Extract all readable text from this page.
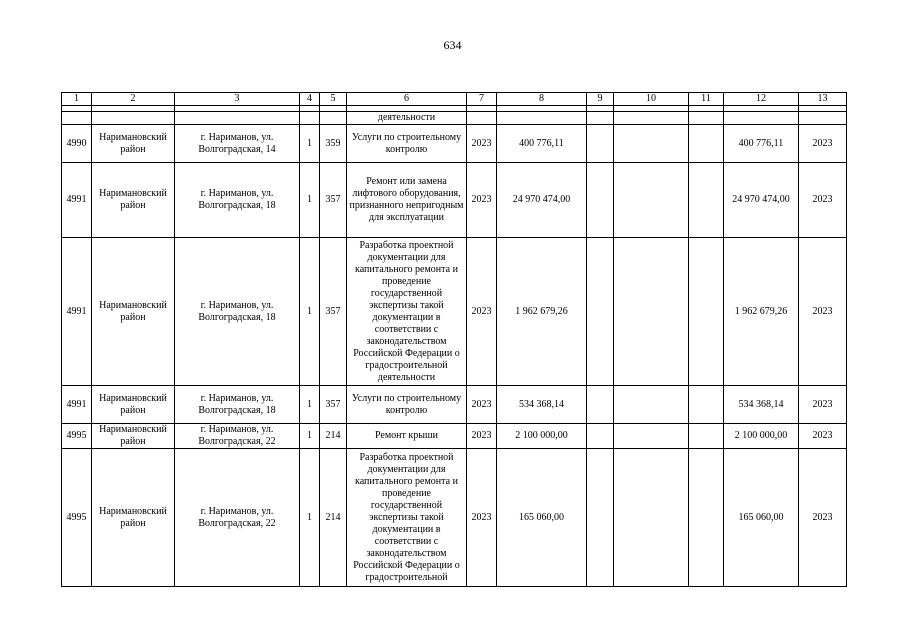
634
1	2	3	4	5	6	7	8	9	10	11	12	13

					деятельности							
4990	Наримановский район	г. Нариманов, ул. Волгоградская, 14	1	359	Услуги по строительному контролю	2023	400 776,11				400 776,11	2023
4991	Наримановский район	г. Нариманов, ул. Волгоградская, 18	1	357	Ремонт или замена лифтового оборудования, признанного непригодным для эксплуатации	2023	24 970 474,00				24 970 474,00	2023
4991	Наримановский район	г. Нариманов, ул. Волгоградская, 18	1	357	Разработка проектной документации для капитального ремонта и проведение государственной экспертизы такой документации в соответствии с законодательством Российской Федерации о градостроительной деятельности	2023	1 962 679,26				1 962 679,26	2023
4991	Наримановский район	г. Нариманов, ул. Волгоградская, 18	1	357	Услуги по строительному контролю	2023	534 368,14				534 368,14	2023
4995	Наримановский район	г. Нариманов, ул. Волгоградская, 22	1	214	Ремонт крыши	2023	2 100 000,00				2 100 000,00	2023
4995	Наримановский район	г. Нариманов, ул. Волгоградская, 22	1	214	Разработка проектной документации для капитального ремонта и проведение государственной экспертизы такой документации в соответствии с законодательством Российской Федерации о градостроительной	2023	165 060,00				165 060,00	2023
